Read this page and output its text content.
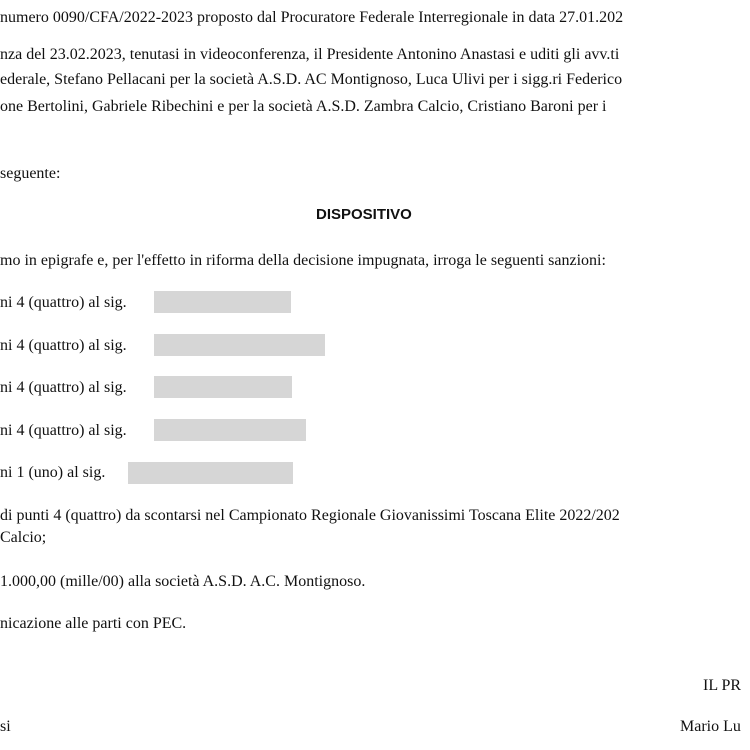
numero 0090/CFA/2022-2023 proposto dal Procuratore Federale Interregionale in data 27.01.202
nza del 23.02.2023, tenutasi in videoconferenza, il Presidente Antonino Anastasi e uditi gli avv.ti
ederale, Stefano Pellacani per la società A.S.D. AC Montignoso, Luca Ulivi per i sigg.ri Federico
one Bertolini, Gabriele Ribechini e per la società A.S.D. Zambra Calcio, Cristiano Baroni per i
seguente:
DISPOSITIVO
mo in epigrafe e, per l'effetto in riforma della decisione impugnata, irroga le seguenti sanzioni:
ni 4 (quattro) al sig.
ni 4 (quattro) al sig.
ni 4 (quattro) al sig.
ni 4 (quattro) al sig.
ni 1 (uno) al sig.
di punti 4 (quattro) da scontarsi nel Campionato Regionale Giovanissimi Toscana Elite 2022/202
Calcio;
1.000,00 (mille/00) alla società A.S.D. A.C. Montignoso.
nicazione alle parti con PEC.
IL PR
si	Mario Lu
